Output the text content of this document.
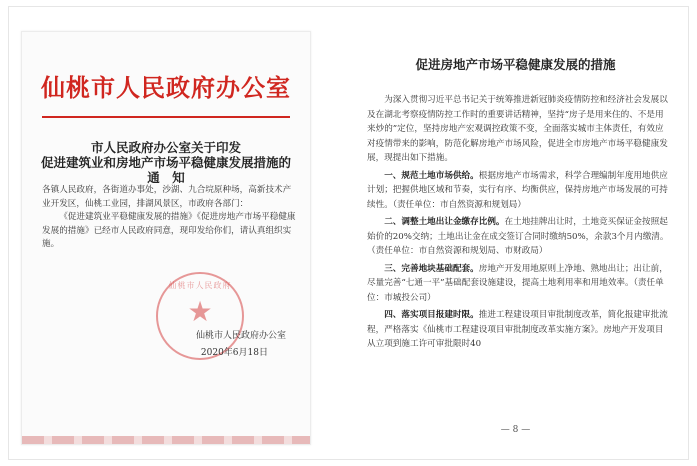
仙桃市人民政府办公室
市人民政府办公室关于印发
促进建筑业和房地产市场平稳健康发展措施的
通　知

各镇人民政府，各街道办事处，沙湖、九合垸原种场，高新技术产业开发区，仙桃工业园，排湖风景区，市政府各部门：

《促进建筑业平稳健康发展的措施》《促进房地产市场平稳健康发展的措施》已经市人民政府同意，现印发给你们，请认真组织实施。

仙桃市人民政府
★
仙桃市人民政府办公室
2020年6月18日
促进房地产市场平稳健康发展的措施

为深入贯彻习近平总书记关于统筹推进新冠肺炎疫情防控和经济社会发展以及在湖北考察疫情防控工作时的重要讲话精神，坚持“房子是用来住的、不是用来炒的”定位，坚持房地产宏观调控政策不变，全面落实城市主体责任，有效应对疫情带来的影响，防范化解房地产市场风险，促进全市房地产市场平稳健康发展，现提出如下措施。

一、规范土地市场供给。根据房地产市场需求，科学合理编制年度用地供应计划；把握供地区域和节奏，实行有序、均衡供应，保持房地产市场发展的可持续性。（责任单位：市自然资源和规划局）

二、调整土地出让金缴存比例。在土地挂牌出让时，土地竞买保证金按照起始价的20%交纳；土地出让金在成交签订合同时缴纳50%，余款3个月内缴清。（责任单位：市自然资源和规划局、市财政局）

三、完善地块基础配套。房地产开发用地原则上净地、熟地出让；出让前，尽量完善“七通一平”基础配套设施建设，提高土地利用率和用地效率。（责任单位：市城投公司）

四、落实项目报建时限。推进工程建设项目审批制度改革，简化报建审批流程，严格落实《仙桃市工程建设项目审批制度改革实施方案》。房地产开发项目从立项到施工许可审批限时40

— 8 —
